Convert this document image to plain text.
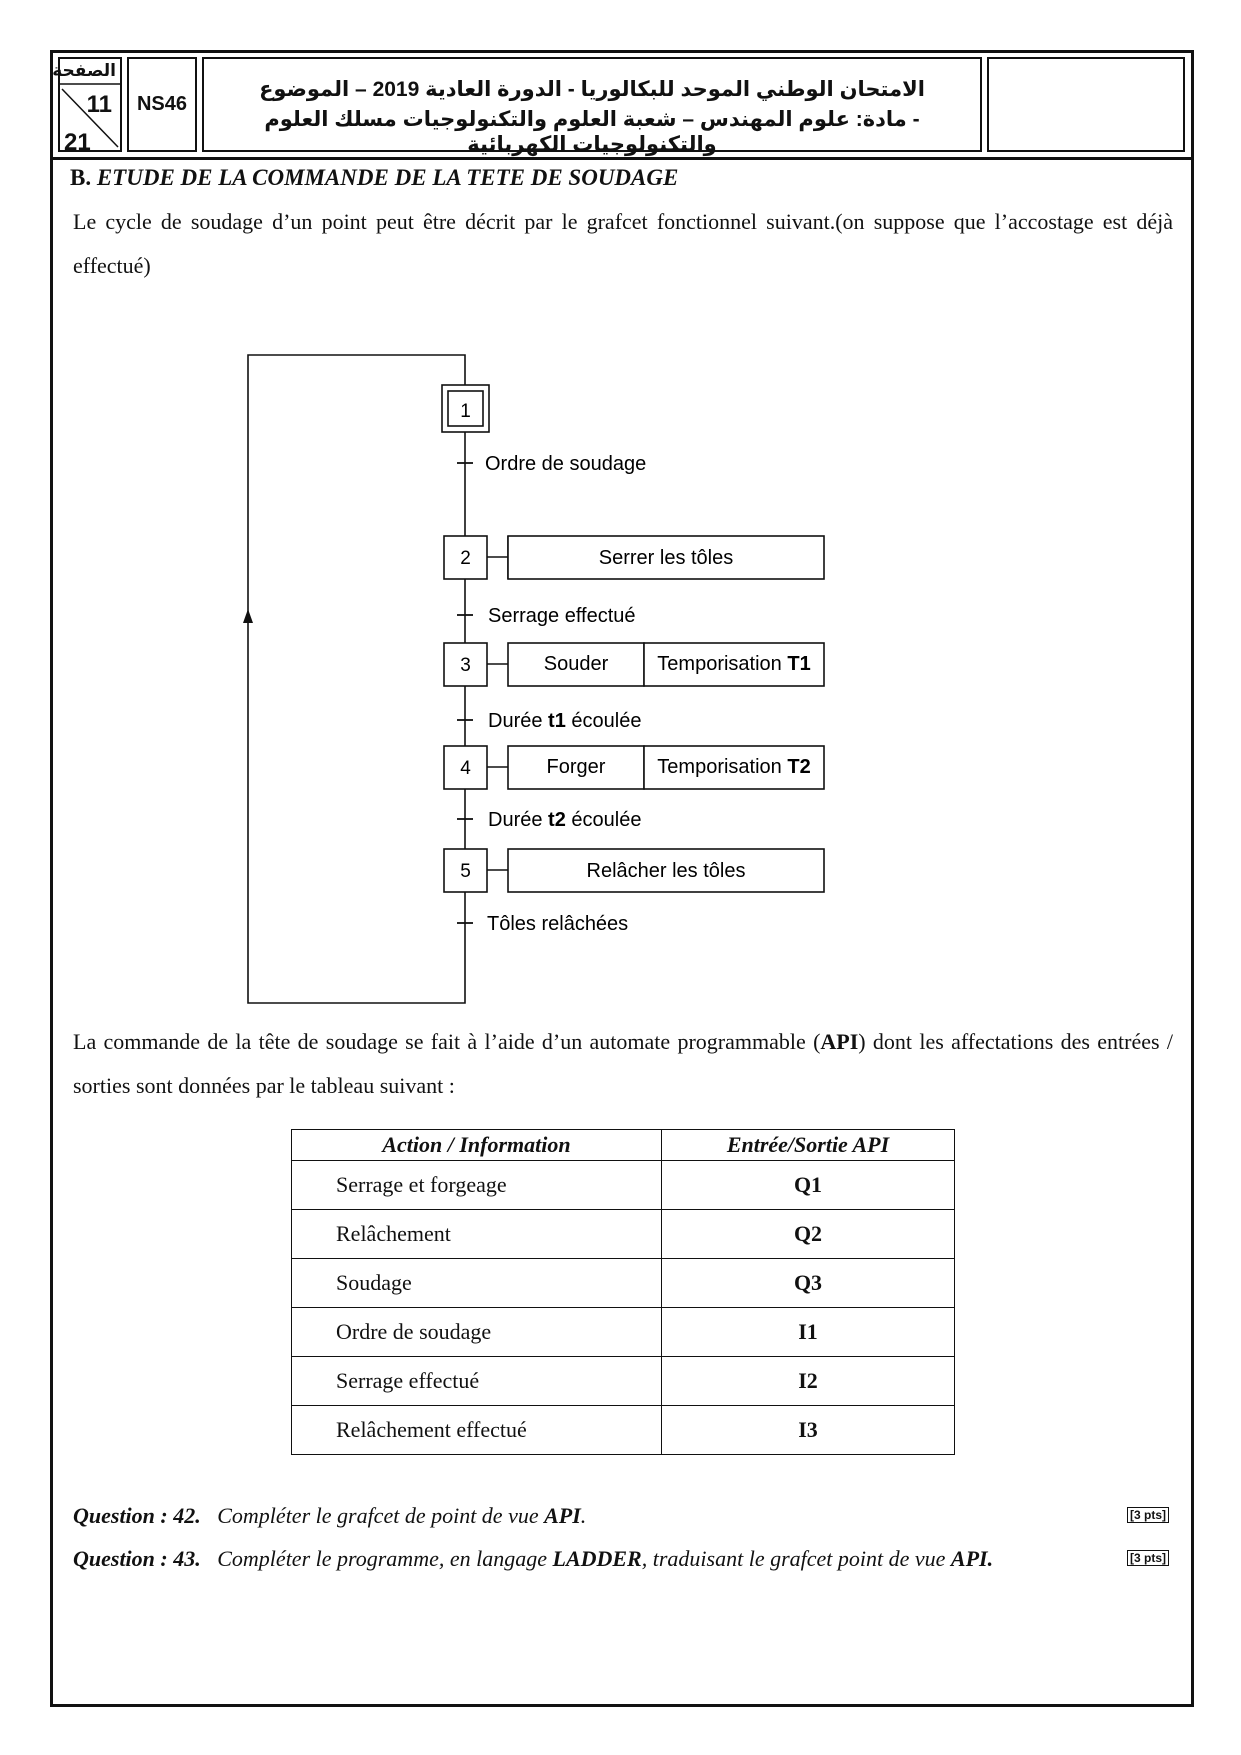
الصفحة
11
21
NS46
الامتحان الوطني الموحد للبكالوريا - الدورة العادية 2019 – الموضوع
- مادة: علوم المهندس – شعبة العلوم والتكنولوجيات مسلك العلوم والتكنولوجيات الكهربائية
B. ETUDE DE LA COMMANDE DE LA TETE DE SOUDAGE
Le cycle de soudage d’un point peut être décrit par le grafcet fonctionnel suivant.(on suppose que l’accostage est déjà effectué)
1
2
3
4
5
Serrer les tôles
Souder Temporisation T1
Forger	Temporisation T2
Relâcher les tôles
Ordre de soudage
Serrage effectué
Durée t1 écoulée
Durée t2 écoulée
Tôles relâchées
La commande de la tête de soudage se fait à l’aide d’un automate programmable (API) dont les affectations des entrées / sorties sont données par le tableau suivant :
Action / Information	Entrée/Sortie API
Serrage et forgeage	Q1
Relâchement	Q2
Soudage	Q3
Ordre de soudage	I1
Serrage effectué	I2
Relâchement effectué	I3
Question : 42. Compléter le grafcet de point de vue API.	[3 pts]
Question : 43. Compléter le programme, en langage LADDER, traduisant le grafcet point de vue API.	[3 pts]
